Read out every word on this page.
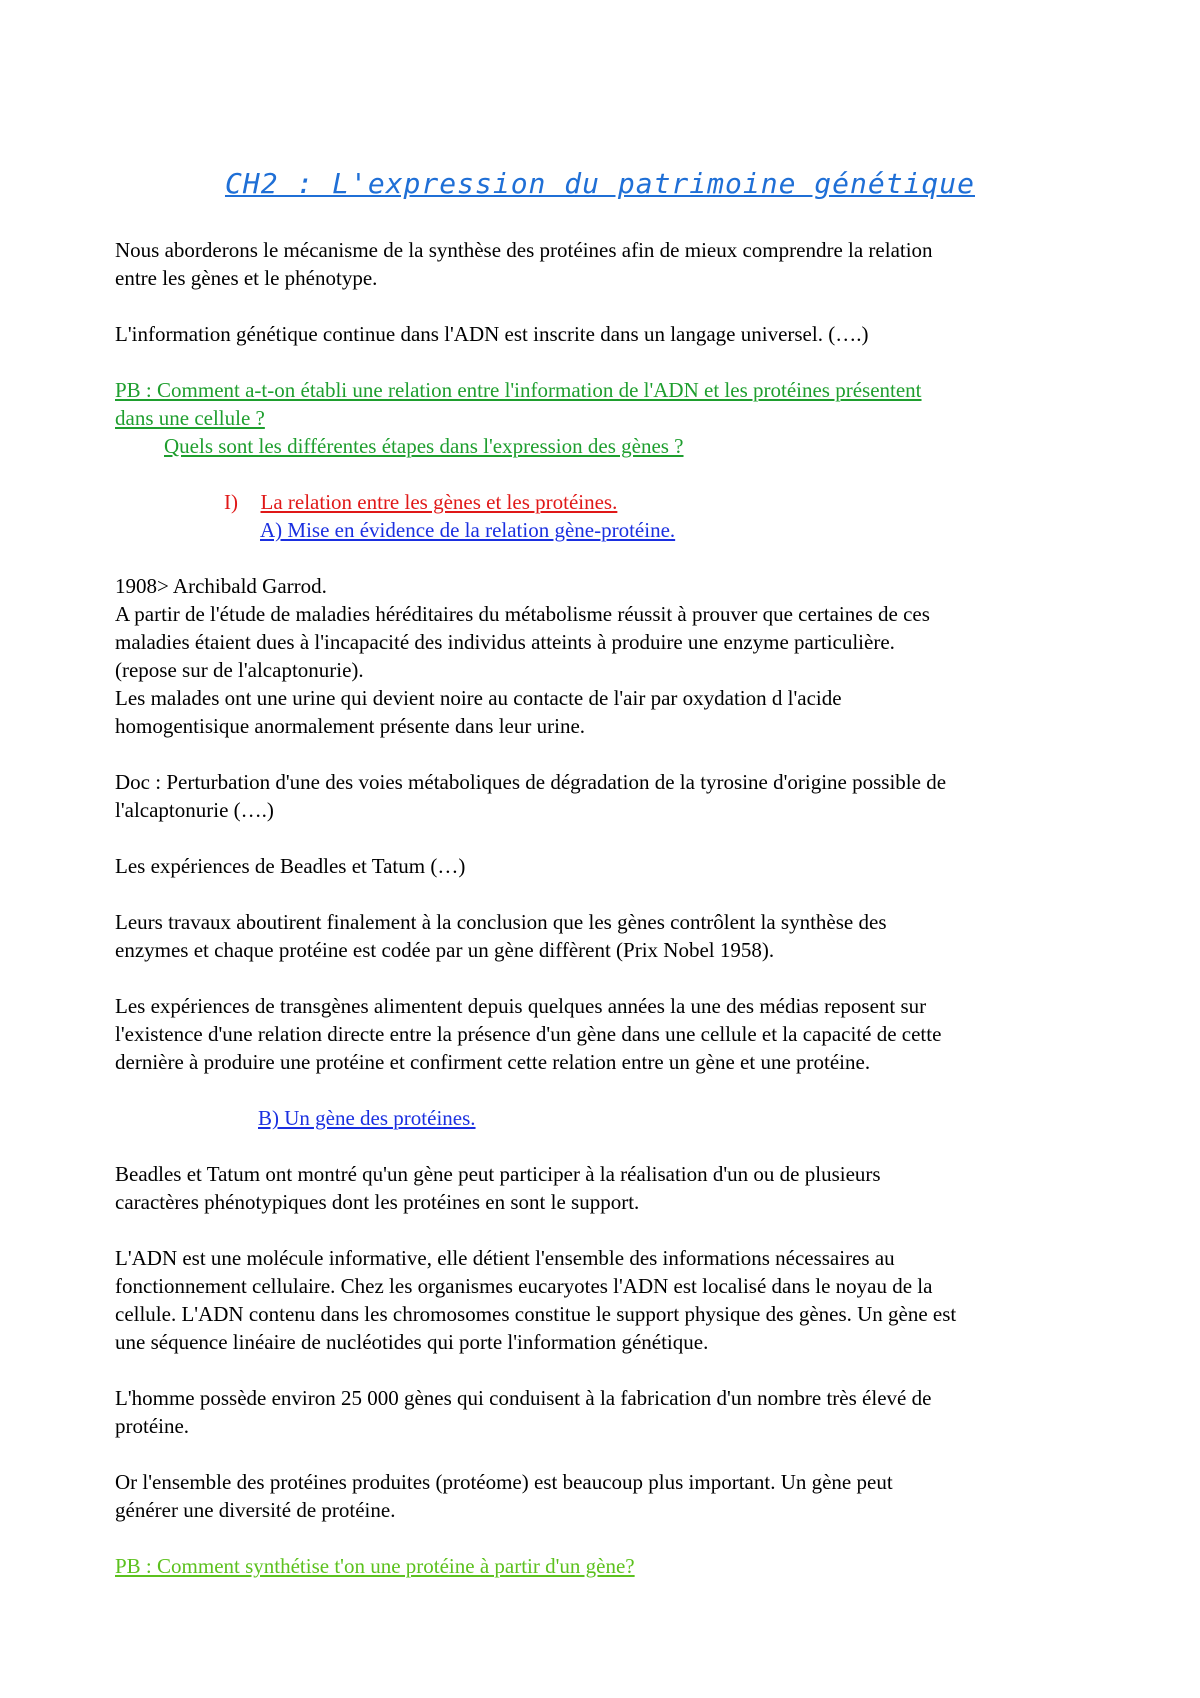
CH2 : L'expression du patrimoine génétique
Nous aborderons le mécanisme de la synthèse des protéines afin de mieux comprendre la relation
entre les gènes et le phénotype.
L'information génétique continue dans l'ADN est inscrite dans un langage universel. (….)
PB : Comment a-t-on établi une relation entre l'information de l'ADN et les protéines présentent
dans une cellule ?
Quels sont les différentes étapes dans l'expression des gènes ?
I) La relation entre les gènes et les protéines.
A) Mise en évidence de la relation gène-protéine.
1908> Archibald Garrod.
A partir de l'étude de maladies héréditaires du métabolisme réussit à prouver que certaines de ces
maladies étaient dues à l'incapacité des individus atteints à produire une enzyme particulière.
(repose sur de l'alcaptonurie).
Les malades ont une urine qui devient noire au contacte de l'air par oxydation d l'acide
homogentisique anormalement présente dans leur urine.
Doc : Perturbation d'une des voies métaboliques de dégradation de la tyrosine d'origine possible de
l'alcaptonurie (….)
Les expériences de Beadles et Tatum (…)
Leurs travaux aboutirent finalement à la conclusion que les gènes contrôlent la synthèse des
enzymes et chaque protéine est codée par un gène diffèrent (Prix Nobel 1958).
Les expériences de transgènes alimentent depuis quelques années la une des médias reposent sur
l'existence d'une relation directe entre la présence d'un gène dans une cellule et la capacité de cette
dernière à produire une protéine et confirment cette relation entre un gène et une protéine.
B) Un gène des protéines.
Beadles et Tatum ont montré qu'un gène peut participer à la réalisation d'un ou de plusieurs
caractères phénotypiques dont les protéines en sont le support.
L'ADN est une molécule informative, elle détient l'ensemble des informations nécessaires au
fonctionnement cellulaire. Chez les organismes eucaryotes l'ADN est localisé dans le noyau de la
cellule. L'ADN contenu dans les chromosomes constitue le support physique des gènes. Un gène est
une séquence linéaire de nucléotides qui porte l'information génétique.
L'homme possède environ 25 000 gènes qui conduisent à la fabrication d'un nombre très élevé de
protéine.
Or l'ensemble des protéines produites (protéome) est beaucoup plus important. Un gène peut
générer une diversité de protéine.
PB : Comment synthétise t'on une protéine à partir d'un gène?
